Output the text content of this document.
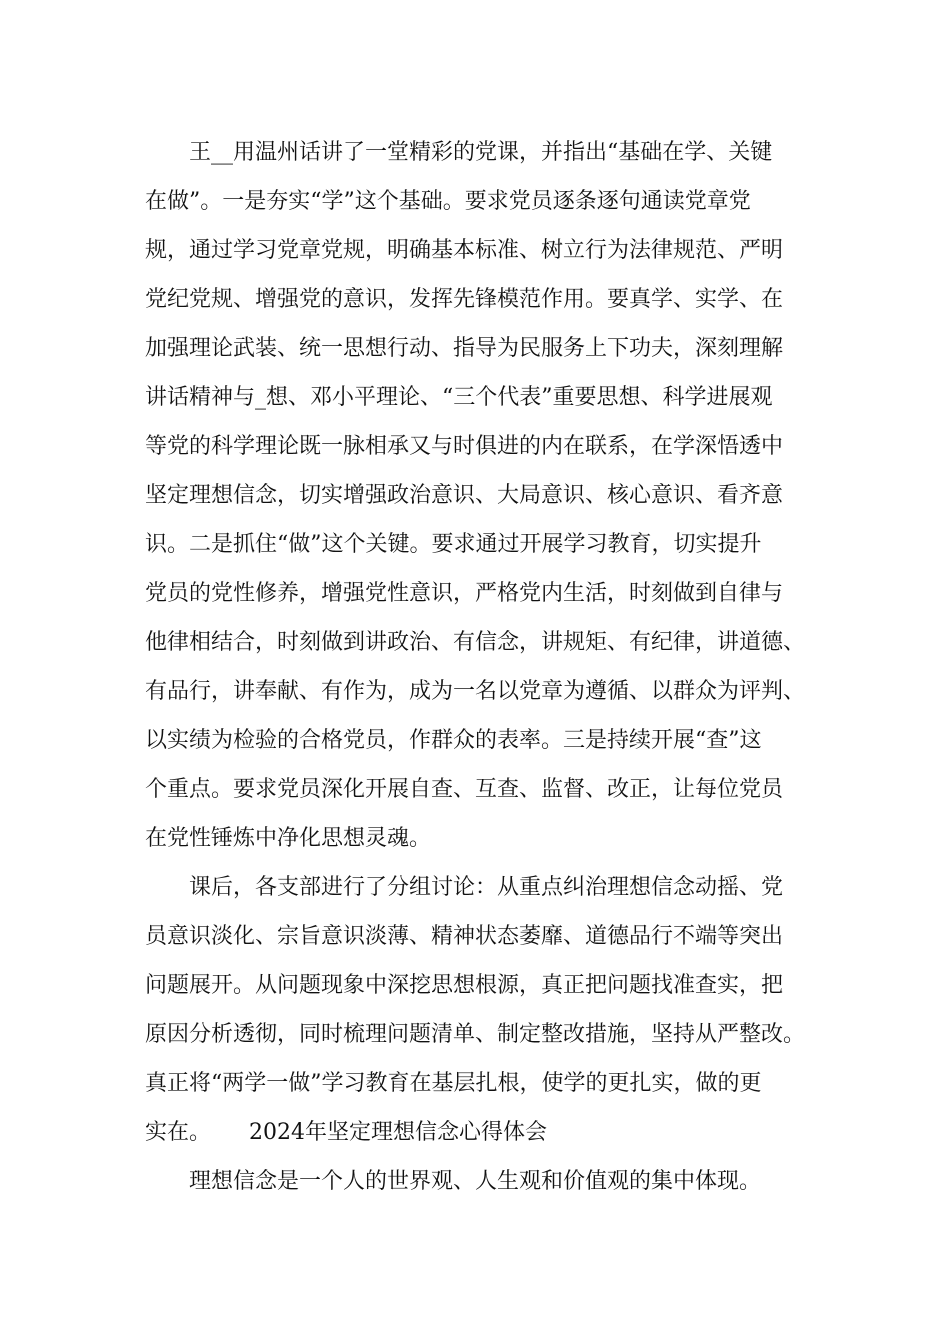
王__用温州话讲了一堂精彩的党课，并指出“基础在学、关键
在做”。一是夯实“学”这个基础。要求党员逐条逐句通读党章党
规，通过学习党章党规，明确基本标准、树立行为法律规范、严明
党纪党规、增强党的意识，发挥先锋模范作用。要真学、实学、在
加强理论武装、统一思想行动、指导为民服务上下功夫，深刻理解
讲话精神与_想、邓小平理论、“三个代表”重要思想、科学进展观
等党的科学理论既一脉相承又与时俱进的内在联系，在学深悟透中
坚定理想信念，切实增强政治意识、大局意识、核心意识、看齐意
识。二是抓住“做”这个关键。要求通过开展学习教育，切实提升
党员的党性修养，增强党性意识，严格党内生活，时刻做到自律与
他律相结合，时刻做到讲政治、有信念，讲规矩、有纪律，讲道德、
有品行，讲奉献、有作为，成为一名以党章为遵循、以群众为评判、
以实绩为检验的合格党员，作群众的表率。三是持续开展“查”这
个重点。要求党员深化开展自查、互查、监督、改正，让每位党员
在党性锤炼中净化思想灵魂。
课后，各支部进行了分组讨论：从重点纠治理想信念动摇、党
员意识淡化、宗旨意识淡薄、精神状态萎靡、道德品行不端等突出
问题展开。从问题现象中深挖思想根源，真正把问题找准查实，把
原因分析透彻，同时梳理问题清单、制定整改措施，坚持从严整改。
真正将“两学一做”学习教育在基层扎根，使学的更扎实，做的更
实在。 2024年坚定理想信念心得体会
理想信念是一个人的世界观、人生观和价值观的集中体现。
